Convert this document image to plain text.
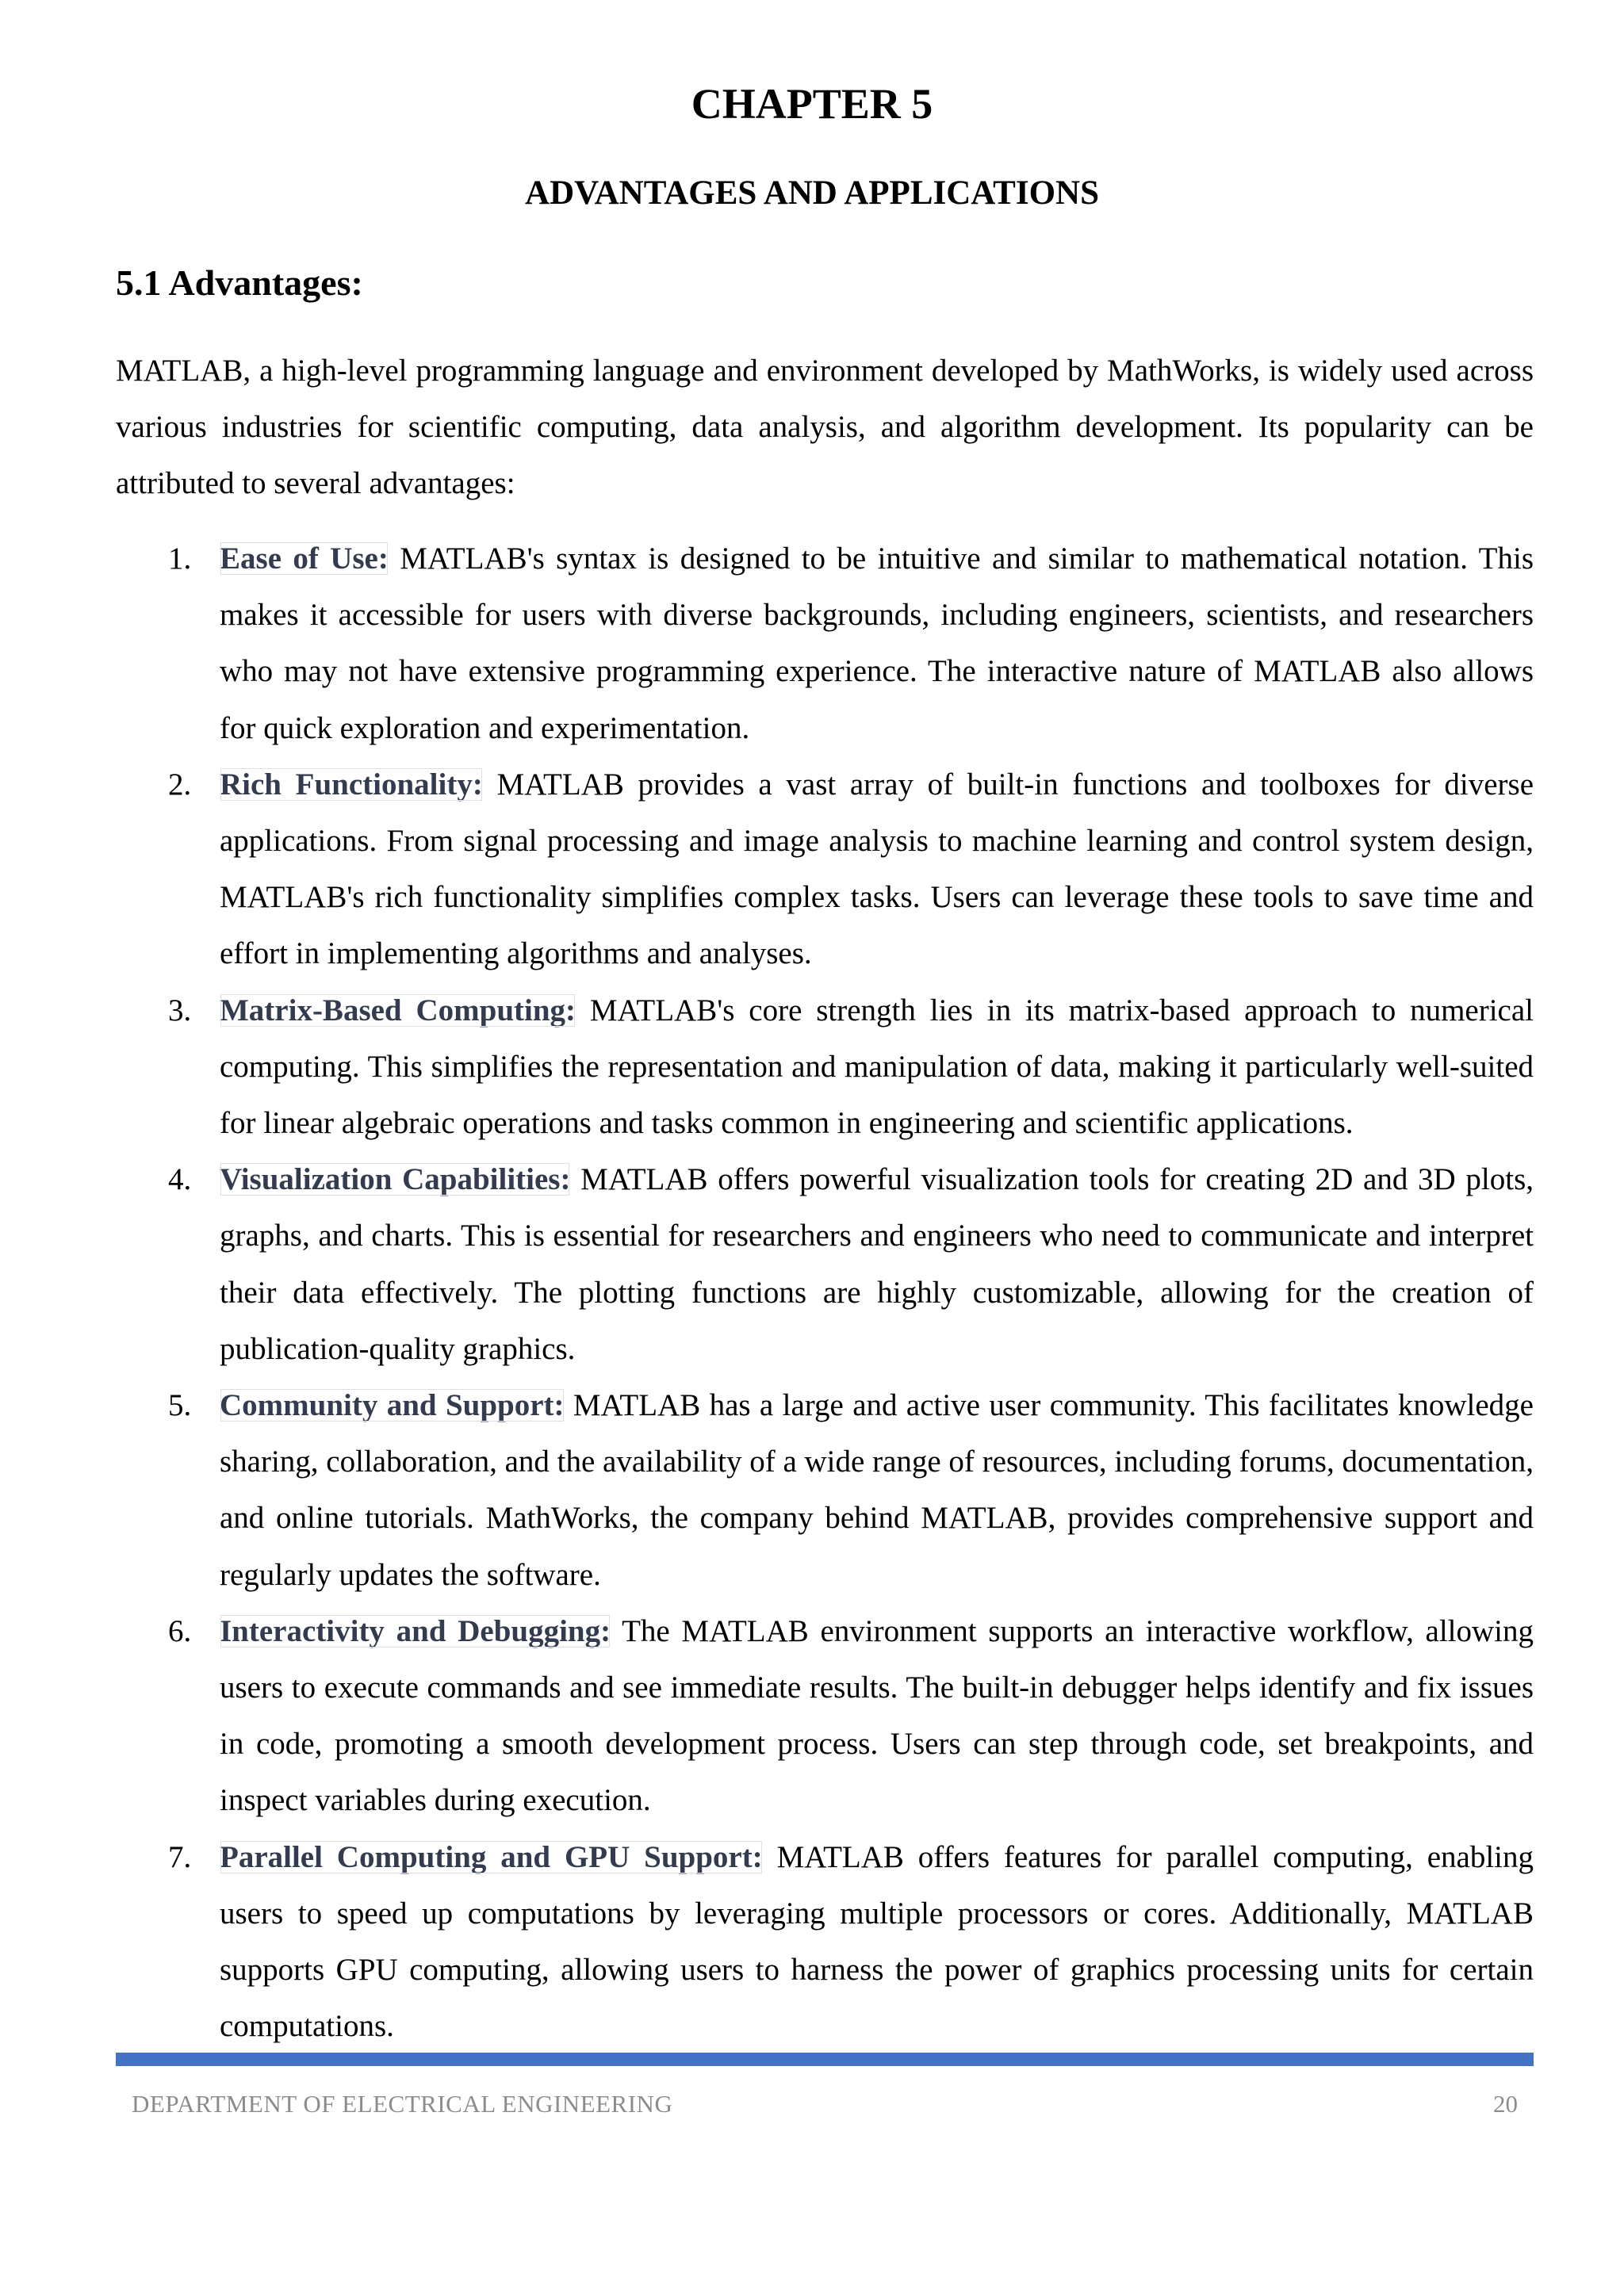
CHAPTER 5
ADVANTAGES AND APPLICATIONS
5.1 Advantages:

MATLAB, a high-level programming language and environment developed by MathWorks, is widely used across various industries for scientific computing, data analysis, and algorithm development. Its popularity can be attributed to several advantages:

1. Ease of Use: MATLAB's syntax is designed to be intuitive and similar to mathematical notation. This makes it accessible for users with diverse backgrounds, including engineers, scientists, and researchers who may not have extensive programming experience. The interactive nature of MATLAB also allows for quick exploration and experimentation.
2. Rich Functionality: MATLAB provides a vast array of built-in functions and toolboxes for diverse applications. From signal processing and image analysis to machine learning and control system design, MATLAB's rich functionality simplifies complex tasks. Users can leverage these tools to save time and effort in implementing algorithms and analyses.
3. Matrix-Based Computing: MATLAB's core strength lies in its matrix-based approach to numerical computing. This simplifies the representation and manipulation of data, making it particularly well-suited for linear algebraic operations and tasks common in engineering and scientific applications.
4. Visualization Capabilities: MATLAB offers powerful visualization tools for creating 2D and 3D plots, graphs, and charts. This is essential for researchers and engineers who need to communicate and interpret their data effectively. The plotting functions are highly customizable, allowing for the creation of publication-quality graphics.
5. Community and Support: MATLAB has a large and active user community. This facilitates knowledge sharing, collaboration, and the availability of a wide range of resources, including forums, documentation, and online tutorials. MathWorks, the company behind MATLAB, provides comprehensive support and regularly updates the software.
6. Interactivity and Debugging: The MATLAB environment supports an interactive workflow, allowing users to execute commands and see immediate results. The built-in debugger helps identify and fix issues in code, promoting a smooth development process. Users can step through code, set breakpoints, and inspect variables during execution.
7. Parallel Computing and GPU Support: MATLAB offers features for parallel computing, enabling users to speed up computations by leveraging multiple processors or cores. Additionally, MATLAB supports GPU computing, allowing users to harness the power of graphics processing units for certain computations.
DEPARTMENT OF ELECTRICAL ENGINEERING	20
